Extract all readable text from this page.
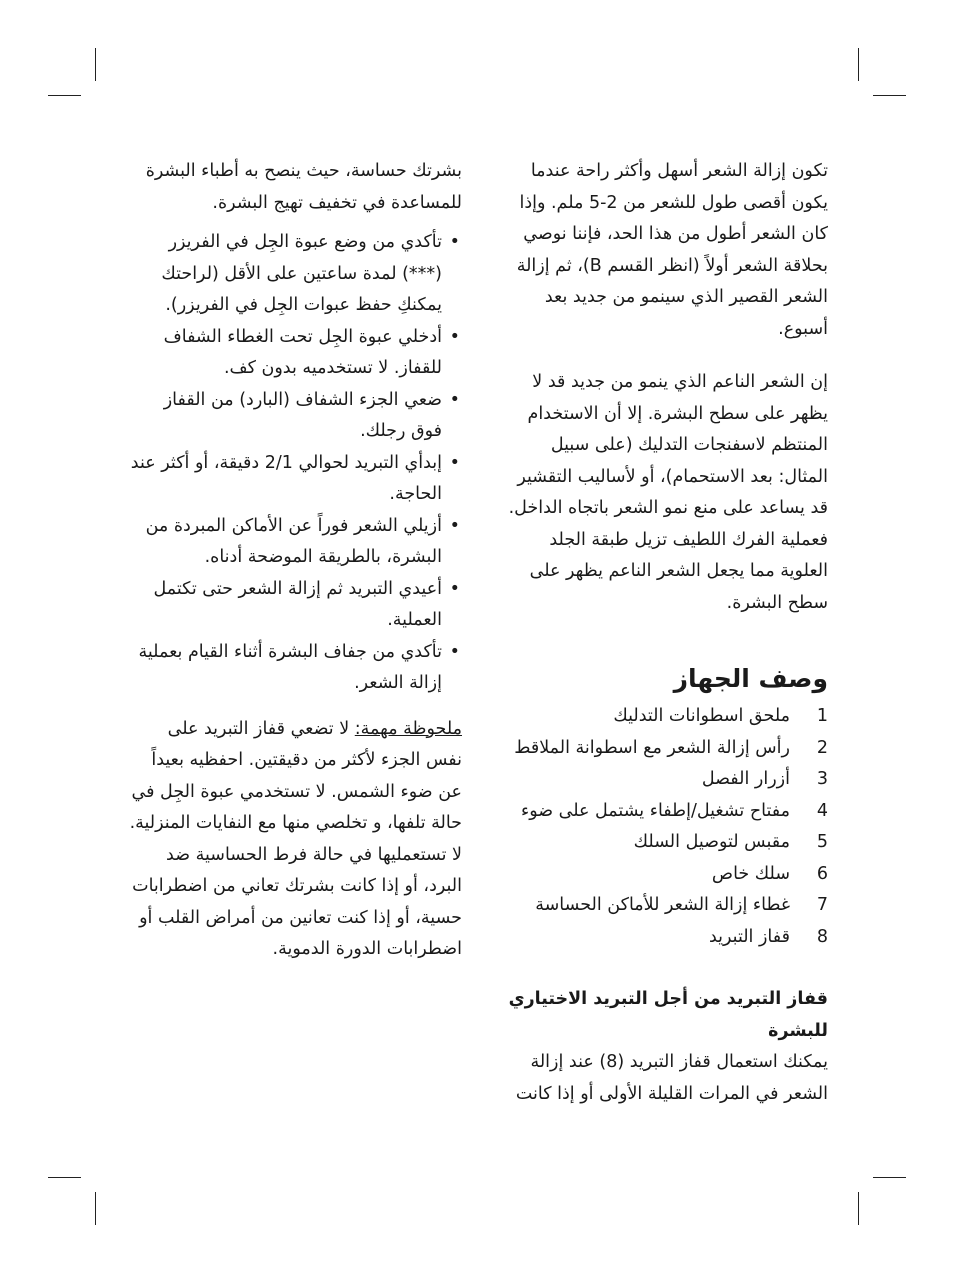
تكون إزالة الشعر أسهل وأكثر راحة عندما يكون أقصى طول للشعر من 2-5 ملم. وإذا كان الشعر أطول من هذا الحد، فإننا نوصي بحلاقة الشعر أولاً (انظر القسم B)، ثم إزالة الشعر القصير الذي سينمو من جديد بعد أسبوع.

إن الشعر الناعم الذي ينمو من جديد قد لا يظهر على سطح البشرة. إلا أن الاستخدام المنتظم لاسفنجات التدليك (على سبيل المثال: بعد الاستحمام)، أو لأساليب التقشير قد يساعد على منع نمو الشعر باتجاه الداخل. فعملية الفرك اللطيف تزيل طبقة الجلد العلوية مما يجعل الشعر الناعم يظهر على سطح البشرة.

وصف الجهاز
1
ملحق اسطوانات التدليك
2
رأس إزالة الشعر مع اسطوانة الملاقط
3
أزرار الفصل
4
مفتاح تشغيل/إطفاء يشتمل على ضوء
5
مقبس لتوصيل السلك
6
سلك خاص
7
غطاء إزالة الشعر للأماكن الحساسة
8
قفاز التبريد
قفاز التبريد من أجل التبريد الاختياري للبشرة

يمكنك استعمال قفاز التبريد (8) عند إزالة الشعر في المرات القليلة الأولى أو إذا كانت

بشرتك حساسة، حيث ينصح به أطباء البشرة للمساعدة في تخفيف تهيج البشرة.

• تأكدي من وضع عبوة الجِل في الفريزر (***) لمدة ساعتين على الأقل (لراحتك يمكنكِ حفظ عبوات الجِل في الفريزر).
• أدخلي عبوة الجِل تحت الغطاء الشفاف للقفاز. لا تستخدميه بدون كف.
• ضعي الجزء الشفاف (البارد) من القفاز فوق رجلك.
• إبدأي التبريد لحوالي 2/1 دقيقة، أو أكثر عند الحاجة.
• أزيلي الشعر فوراً عن الأماكن المبردة من البشرة، بالطريقة الموضحة أدناه.
• أعيدي التبريد ثم إزالة الشعر حتى تكتمل العملية.
• تأكدي من جفاف البشرة أثناء القيام بعملية إزالة الشعر.

ملحوظة مهمة: لا تضعي قفاز التبريد على نفس الجزء لأكثر من دقيقتين. احفظيه بعيداً عن ضوء الشمس. لا تستخدمي عبوة الجِل في حالة تلفها، و تخلصي منها مع النفايات المنزلية. لا تستعمليها في حالة فرط الحساسية ضد البرد، أو إذا كانت بشرتك تعاني من اضطرابات حسية، أو إذا كنت تعانين من أمراض القلب أو اضطرابات الدورة الدموية.
